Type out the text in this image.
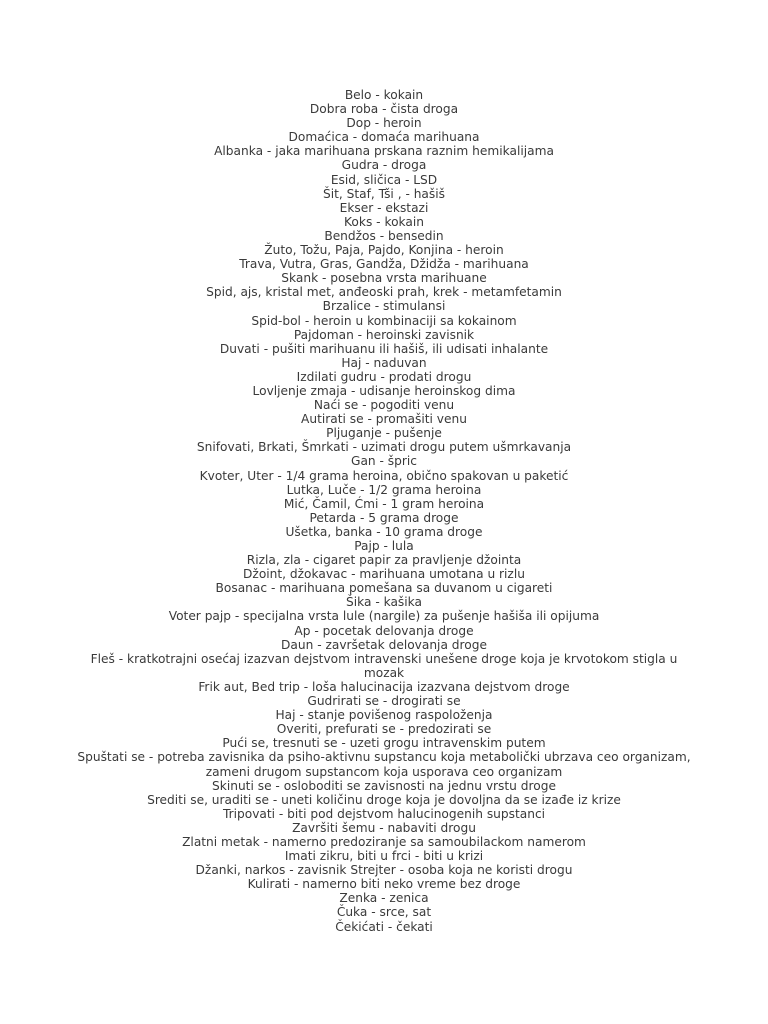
Belo - kokain
Dobra roba - čista droga
Dop - heroin
Domaćica - domaća marihuana
Albanka - jaka marihuana prskana raznim hemikalijama
Gudra - droga
Esid, sličica - LSD
Šit, Staf, Tši , - hašiš
Ekser - ekstazi
Koks - kokain
Bendžos - bensedin
Žuto, Tožu, Paja, Pajdo, Konjina - heroin
Trava, Vutra, Gras, Gandža, Džidža - marihuana
Skank - posebna vrsta marihuane
Spid, ajs, kristal met, anđeoski prah, krek - metamfetamin
Brzalice - stimulansi
Spid-bol - heroin u kombinaciji sa kokainom
Pajdoman - heroinski zavisnik
Duvati - pušiti marihuanu ili hašiš, ili udisati inhalante
Haj - naduvan
Izdilati gudru - prodati drogu
Lovljenje zmaja - udisanje heroinskog dima
Naći se - pogoditi venu
Autirati se - promašiti venu
Pljuganje - pušenje
Snifovati, Brkati, Šmrkati - uzimati drogu putem ušmrkavanja
Gan - špric
Kvoter, Uter - 1/4 grama heroina, obično spakovan u paketić
Lutka, Luče - 1/2 grama heroina
Mić, Čamil, Ćmi - 1 gram heroina
Petarda - 5 grama droge
Ušetka, banka - 10 grama droge
Pajp - lula
Rizla, zla - cigaret papir za pravljenje džointa
Džoint, džokavac - marihuana umotana u rizlu
Bosanac - marihuana pomešana sa duvanom u cigareti
Šika - kašika
Voter pajp - specijalna vrsta lule (nargile) za pušenje hašiša ili opijuma
Ap - pocetak delovanja droge
Daun - završetak delovanja droge
Fleš - kratkotrajni osećaj izazvan dejstvom intravenski unešene droge koja je krvotokom stigla u
mozak
Frik aut, Bed trip - loša halucinacija izazvana dejstvom droge
Gudrirati se - drogirati se
Haj - stanje povišenog raspoloženja
Overiti, prefurati se - predozirati se
Pući se, tresnuti se - uzeti grogu intravenskim putem
Spuštati se - potreba zavisnika da psiho-aktivnu supstancu koja metabolički ubrzava ceo organizam,
zameni drugom supstancom koja usporava ceo organizam
Skinuti se - osloboditi se zavisnosti na jednu vrstu droge
Srediti se, uraditi se - uneti količinu droge koja je dovoljna da se izađe iz krize
Tripovati - biti pod dejstvom halucinogenih supstanci
Završiti šemu - nabaviti drogu
Zlatni metak - namerno predoziranje sa samoubilackom namerom
Imati zikru, biti u frci - biti u krizi
Džanki, narkos - zavisnik Strejter - osoba koja ne koristi drogu
Kulirati - namerno biti neko vreme bez droge
Zenka - zenica
Čuka - srce, sat
Čekićati - čekati
